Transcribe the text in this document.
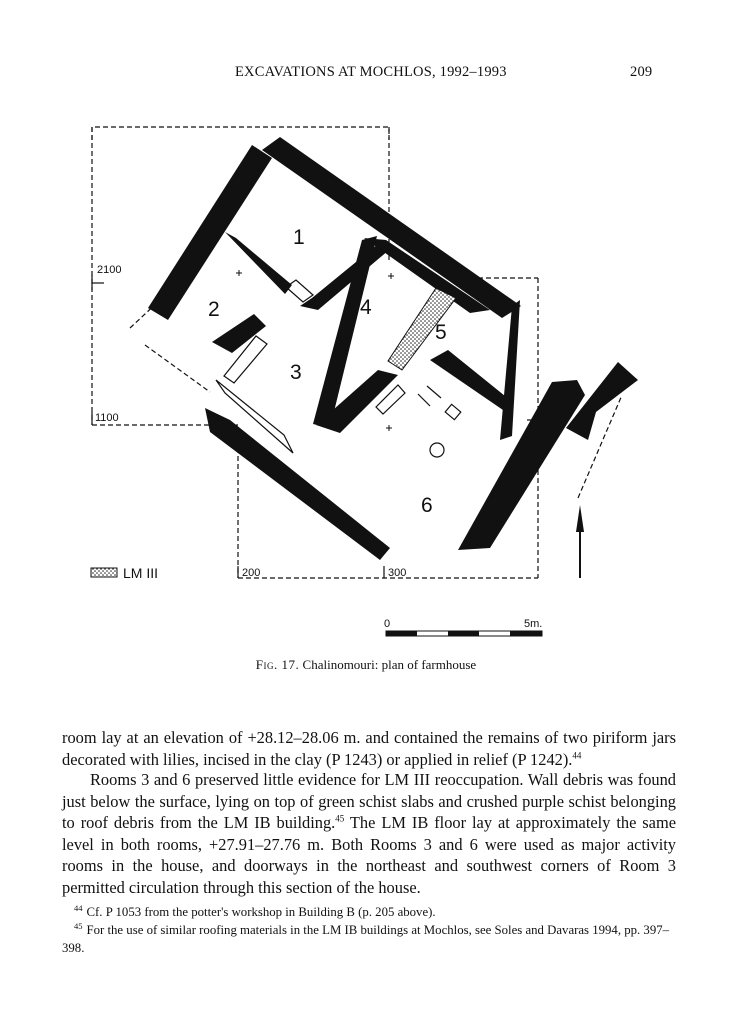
EXCAVATIONS AT MOCHLOS, 1992–1993	209
2100
1100
200	300
1
2
3
4
5
6
LM III
0	5m.
Fig. 17. Chalinomouri: plan of farmhouse

room lay at an elevation of +28.12–28.06 m. and contained the remains of two piriform jars decorated with lilies, incised in the clay (P 1243) or applied in relief (P 1242).$^{44}$

Rooms 3 and 6 preserved little evidence for LM III reoccupation. Wall debris was found just below the surface, lying on top of green schist slabs and crushed purple schist belonging to roof debris from the LM IB building.$^{45}$ The LM IB floor lay at approximately the same level in both rooms, +27.91–27.76 m. Both Rooms 3 and 6 were used as major activity rooms in the house, and doorways in the northeast and southwest corners of Room 3 permitted circulation through this section of the house.

$^{44}$ Cf. P 1053 from the potter's workshop in Building B (p. 205 above).

$^{45}$ For the use of similar roofing materials in the LM IB buildings at Mochlos, see Soles and Davaras 1994, pp. 397–398.
